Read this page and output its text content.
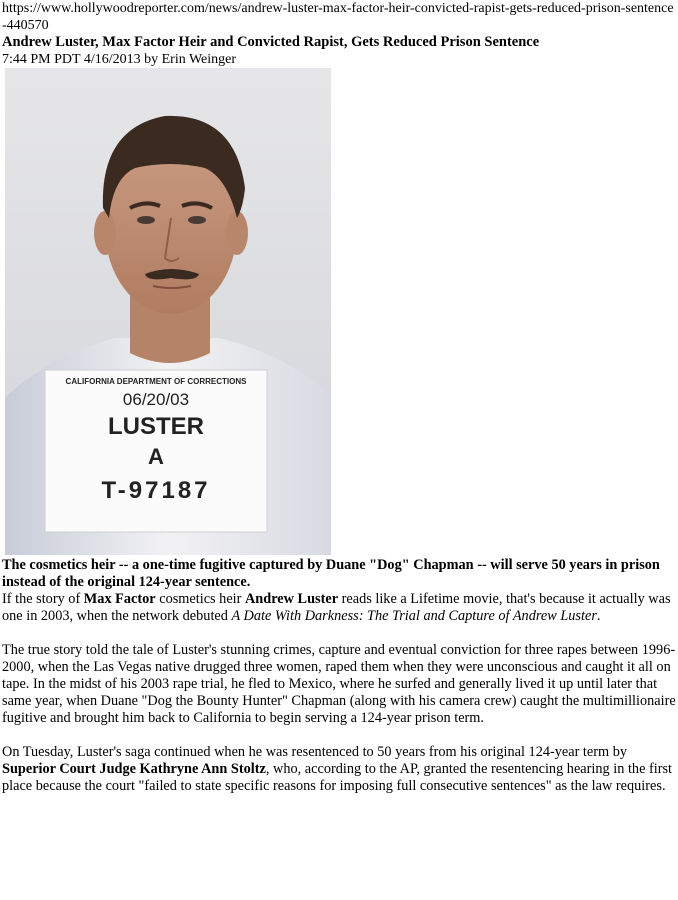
https://www.hollywoodreporter.com/news/andrew-luster-max-factor-heir-convicted-rapist-gets-reduced-prison-sentence-440570

Andrew Luster, Max Factor Heir and Convicted Rapist, Gets Reduced Prison Sentence

7:44 PM PDT 4/16/2013 by Erin Weinger

CALIFORNIA DEPARTMENT OF CORRECTIONS
06/20/03
LUSTER
A
T-97187

The cosmetics heir -- a one-time fugitive captured by Duane "Dog" Chapman -- will serve 50 years in prison instead of the original 124-year sentence.

If the story of Max Factor cosmetics heir Andrew Luster reads like a Lifetime movie, that's because it actually was one in 2003, when the network debuted A Date With Darkness: The Trial and Capture of Andrew Luster.

The true story told the tale of Luster's stunning crimes, capture and eventual conviction for three rapes between 1996-2000, when the Las Vegas native drugged three women, raped them when they were unconscious and caught it all on tape. In the midst of his 2003 rape trial, he fled to Mexico, where he surfed and generally lived it up until later that same year, when Duane "Dog the Bounty Hunter" Chapman (along with his camera crew) caught the multimillionaire fugitive and brought him back to California to begin serving a 124-year prison term.

On Tuesday, Luster's saga continued when he was resentenced to 50 years from his original 124-year term by Superior Court Judge Kathryne Ann Stoltz, who, according to the AP, granted the resentencing hearing in the first place because the court "failed to state specific reasons for imposing full consecutive sentences" as the law requires.
